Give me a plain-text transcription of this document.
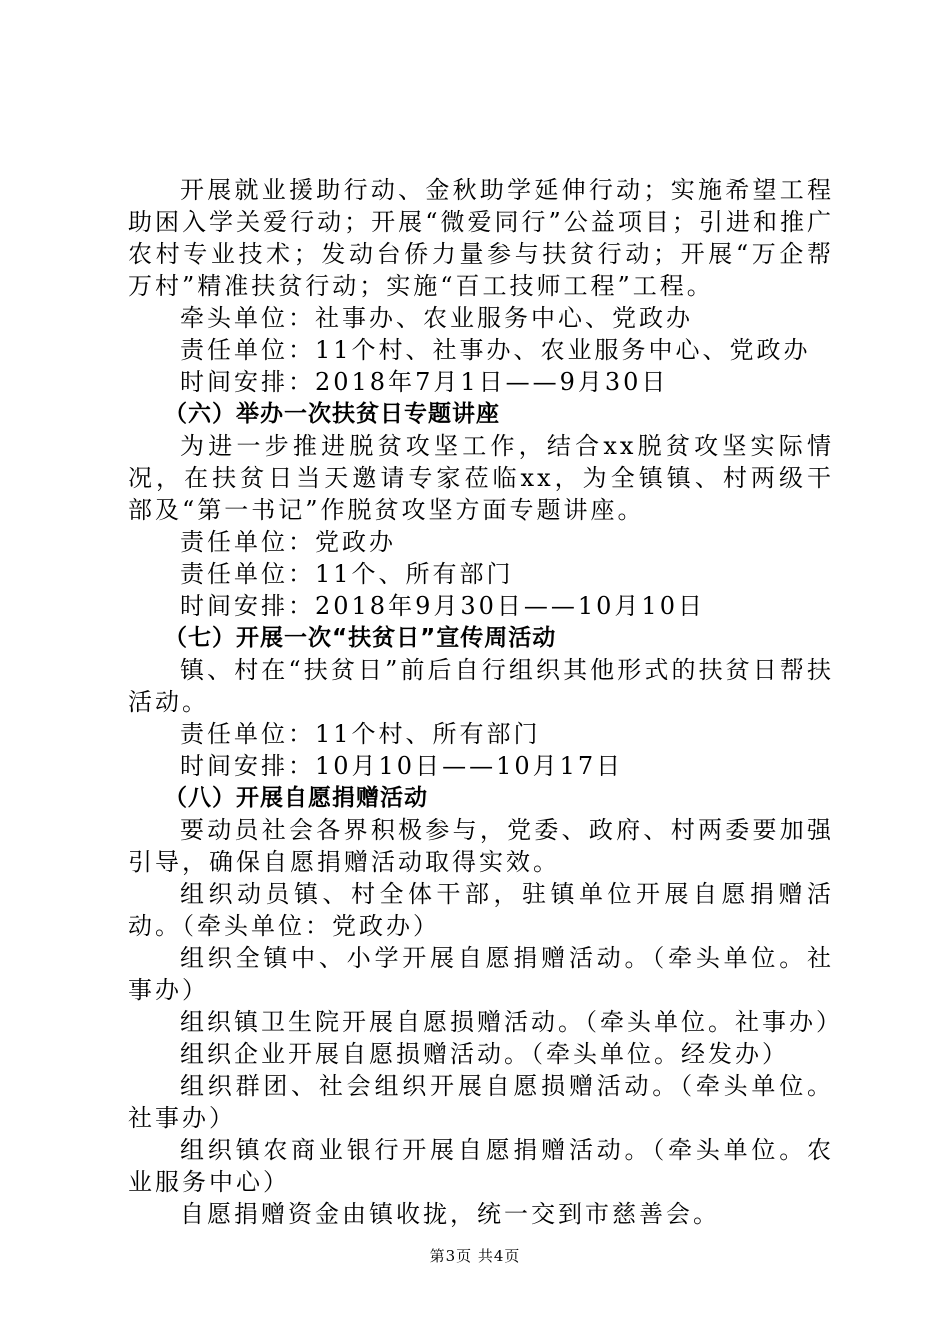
开展就业援助行动、金秋助学延伸行动；实施希望工程助困入学关爱行动；开展“微爱同行”公益项目；引进和推广农村专业技术；发动台侨力量参与扶贫行动；开展“万企帮万村”精准扶贫行动；实施“百工技师工程”工程。

牵头单位：社事办、农业服务中心、党政办

责任单位：11个村、社事办、农业服务中心、党政办

时间安排：2018年7月1日——9月30日

（六）举办一次扶贫日专题讲座

为进一步推进脱贫攻坚工作，结合xx脱贫攻坚实际情况，在扶贫日当天邀请专家莅临xx，为全镇镇、村两级干部及“第一书记”作脱贫攻坚方面专题讲座。

责任单位：党政办

责任单位：11个、所有部门

时间安排：2018年9月30日——10月10日

（七）开展一次“扶贫日”宣传周活动

镇、村在“扶贫日”前后自行组织其他形式的扶贫日帮扶活动。

责任单位：11个村、所有部门

时间安排：10月10日——10月17日

（八）开展自愿捐赠活动

要动员社会各界积极参与，党委、政府、村两委要加强引导，确保自愿捐赠活动取得实效。

组织动员镇、村全体干部，驻镇单位开展自愿捐赠活动。（牵头单位：党政办）

组织全镇中、小学开展自愿捐赠活动。（牵头单位。社事办）

组织镇卫生院开展自愿损赠活动。（牵头单位。社事办）

组织企业开展自愿损赠活动。（牵头单位。经发办）

组织群团、社会组织开展自愿损赠活动。（牵头单位。社事办）

组织镇农商业银行开展自愿捐赠活动。（牵头单位。农业服务中心）

自愿捐赠资金由镇收拢，统一交到市慈善会。

第3页 共4页
